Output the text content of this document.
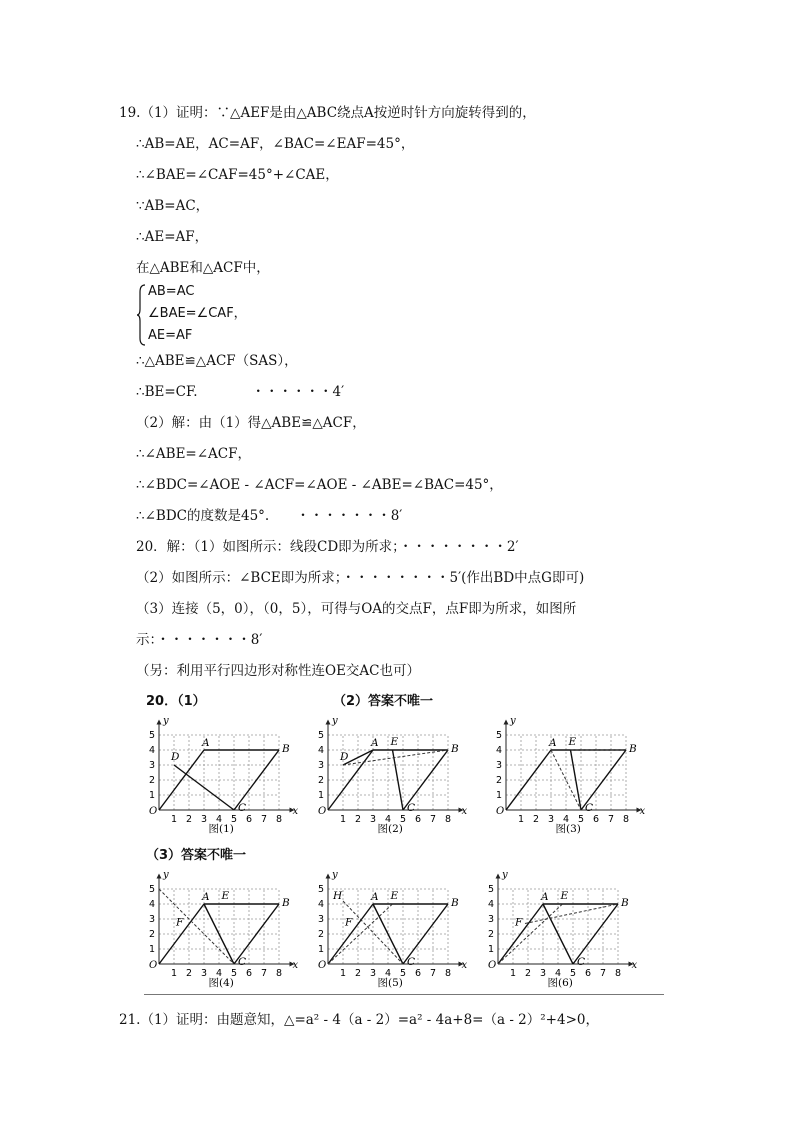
19.（1）证明：∵△AEF是由△ABC绕点A按逆时针方向旋转得到的，
∴AB=AE，AC=AF，∠BAC=∠EAF=45°，
∴∠BAE=∠CAF=45°+∠CAE，
∵AB=AC，
∴AE=AF，
在△ABE和△ACF中，
AB=AC
∠BAE=∠CAF，
AE=AF
∴△ABE≌△ACF（SAS），
∴BE=CF.　　　　・・・・・・4′
（2）解：由（1）得△ABE≌△ACF，
∴∠ABE=∠ACF，
∴∠BDC=∠AOE - ∠ACF=∠AOE - ∠ABE=∠BAC=45°，
∴∠BDC的度数是45°.　　・・・・・・・8′
20．解：（1）如图所示：线段CD即为所求；・・・・・・・・2′
（2）如图所示：∠BCE即为所求；・・・・・・・・5′(作出BD中点G即可)
（3）连接（5，0），（0，5），可得与OA的交点F，点F即为所求，如图所
示：・・・・・・・8′
（另：利用平行四边形对称性连OE交AC也可）
20．（1）	（2）答案不唯一
（3）答案不唯一
x
y
O
1 2 3 4 5 6 7 8
1
2
3
4
5
A	B
C
D
图(1)
x
y
O
1 2 3 4 5 6 7 8
1
2
3
4
5
A	B
C
D
E
图(2)
x
y
O
1 2 3 4 5 6 7 8
1
2
3
4
5
A	B
C
E
图(3)
x
y
O
1 2 3 4 5 6 7 8
1
2
3
4
5
A	B
C
E
F
图(4)
x
y
O
1 2 3 4 5 6 7 8
1
2
3
4
5
A	B
C
E
F
H
图(5)
x
y
O
1 2 3 4 5 6 7 8
1
2
3
4
5
A	B
C
E
F
图(6)
21.（1）证明：由题意知，△=a² - 4（a - 2）=a² - 4a+8=（a - 2）²+4>0，
